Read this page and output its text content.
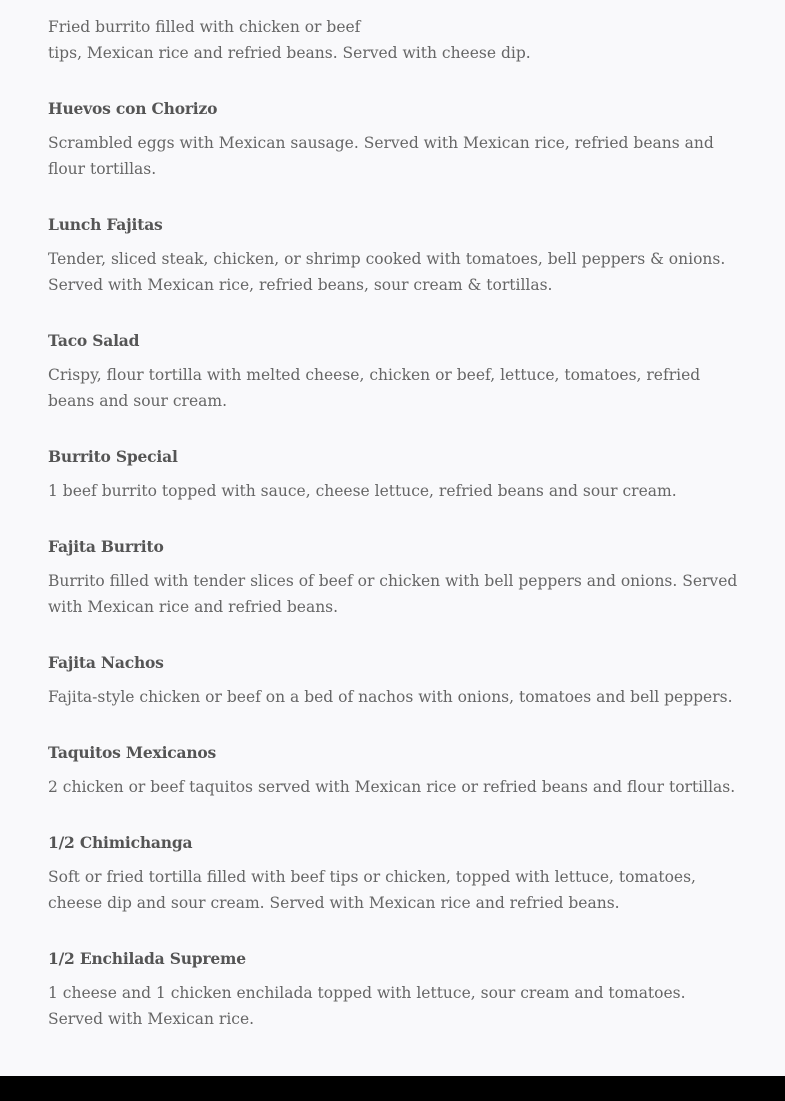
Fried burrito filled with chicken or beef
tips, Mexican rice and refried beans. Served with cheese dip.
Huevos con Chorizo
Scrambled eggs with Mexican sausage. Served with Mexican rice, refried beans and flour tortillas.
Lunch Fajitas
Tender, sliced steak, chicken, or shrimp cooked with tomatoes, bell peppers & onions. Served with Mexican rice, refried beans, sour cream & tortillas.
Taco Salad
Crispy, flour tortilla with melted cheese, chicken or beef, lettuce, tomatoes, refried beans and sour cream.
Burrito Special
1 beef burrito topped with sauce, cheese lettuce, refried beans and sour cream.
Fajita Burrito
Burrito filled with tender slices of beef or chicken with bell peppers and onions. Served with Mexican rice and refried beans.
Fajita Nachos
Fajita-style chicken or beef on a bed of nachos with onions, tomatoes and bell peppers.
Taquitos Mexicanos
2 chicken or beef taquitos served with Mexican rice or refried beans and flour tortillas.
1/2 Chimichanga
Soft or fried tortilla filled with beef tips or chicken, topped with lettuce, tomatoes, cheese dip and sour cream. Served with Mexican rice and refried beans.
1/2 Enchilada Supreme
1 cheese and 1 chicken enchilada topped with lettuce, sour cream and tomatoes. Served with Mexican rice.
